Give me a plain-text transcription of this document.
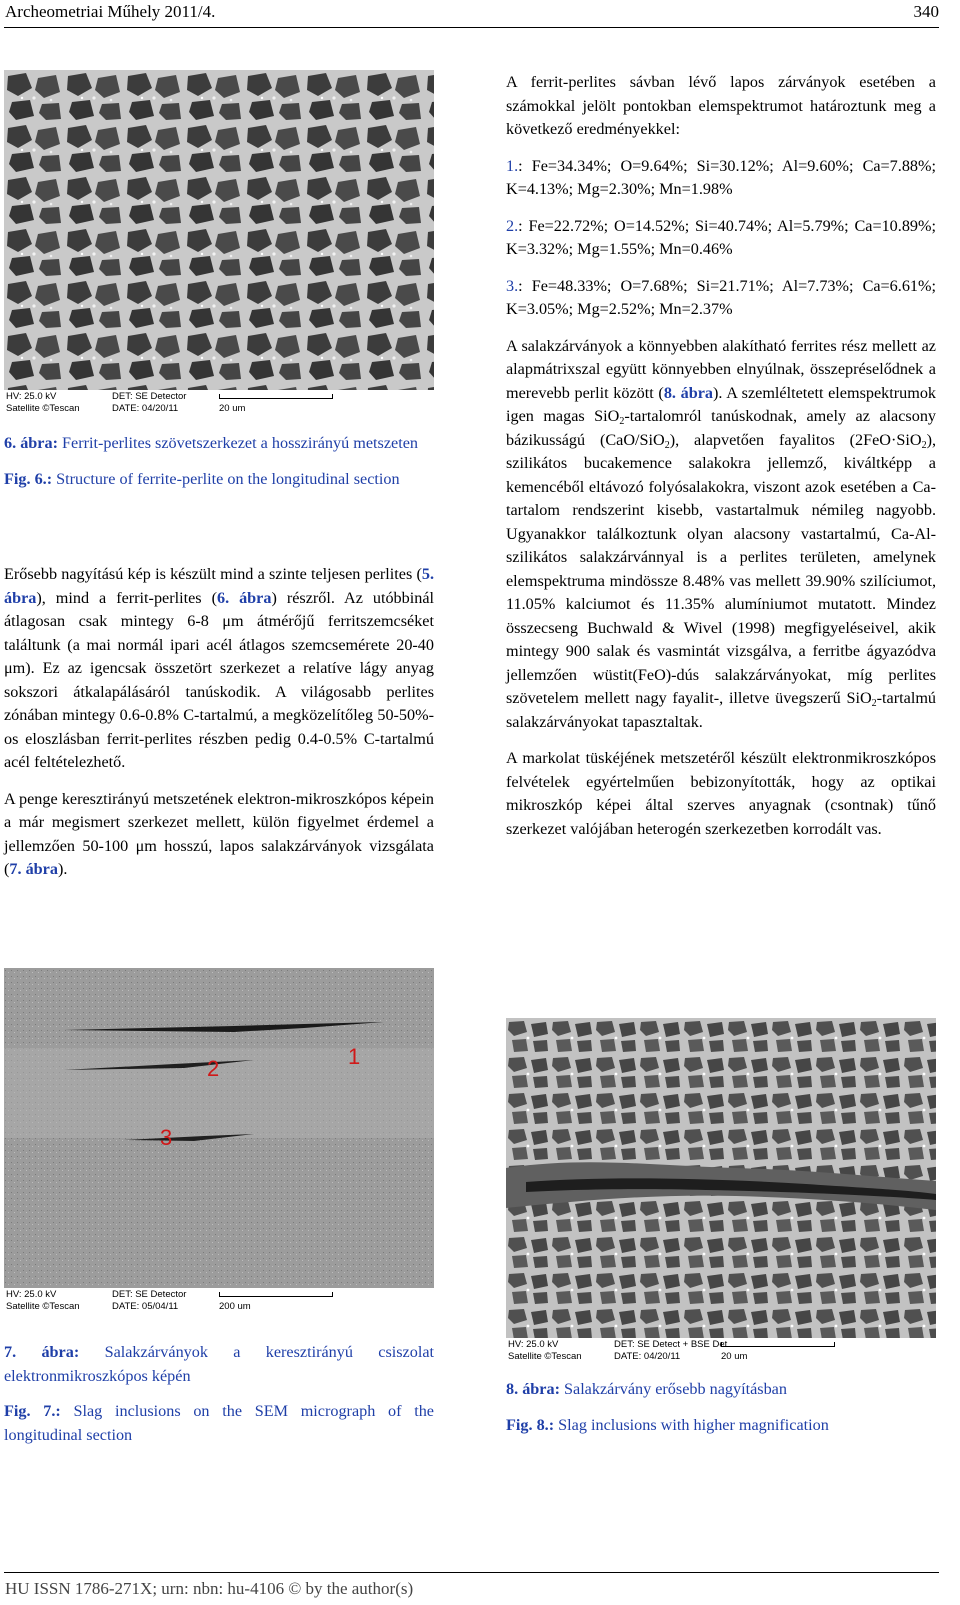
Archeometriai Műhely 2011/4.	340
HV: 25.0 kV
Satellite ©Tescan
DET: SE Detector
DATE: 04/20/11	20 um

6. ábra: Ferrit-perlites szövetszerkezet a hosszirányú metszeten

Fig. 6.: Structure of ferrite-perlite on the longitudinal section

Erősebb nagyítású kép is készült mind a szinte teljesen perlites (5. ábra), mind a ferrit-perlites (6. ábra) részről. Az utóbbinál átlagosan csak mintegy 6-8 μm átmérőjű ferritszemcséket találtunk (a mai normál ipari acél átlagos szemcsemérete 20-40 μm). Ez az igencsak összetört szerkezet a relatíve lágy anyag sokszori átkalapálásáról tanúskodik. A világosabb perlites zónában mintegy 0.6-0.8% C-tartalmú, a megközelítőleg 50-50%-os eloszlásban ferrit-perlites részben pedig 0.4-0.5% C-tartalmú acél feltételezhető.

A penge keresztirányú metszetének elektron-mikroszkópos képein a már megismert szerkezet mellett, külön figyelmet érdemel a jellemzően 50-100 μm hosszú, lapos salakzárványok vizsgálata (7. ábra).

A ferrit-perlites sávban lévő lapos zárványok esetében a számokkal jelölt pontokban elemspektrumot határoztunk meg a következő eredményekkel:

1.: Fe=34.34%; O=9.64%; Si=30.12%; Al=9.60%; Ca=7.88%; K=4.13%; Mg=2.30%; Mn=1.98%

2.: Fe=22.72%; O=14.52%; Si=40.74%; Al=5.79%; Ca=10.89%; K=3.32%; Mg=1.55%; Mn=0.46%

3.: Fe=48.33%; O=7.68%; Si=21.71%; Al=7.73%; Ca=6.61%; K=3.05%; Mg=2.52%; Mn=2.37%

A salakzárványok a könnyebben alakítható ferrites rész mellett az alapmátrixszal együtt könnyebben elnyúlnak, összepréselődnek a merevebb perlit között (8. ábra). A szemléltetett elemspektrumok igen magas SiO$_2$-tartalomról tanúskodnak, amely az alacsony bázikusságú (CaO/SiO$_2$), alapvetően fayalitos (2FeO·SiO$_2$), szilikátos bucakemence salakokra jellemző, kiváltképp a kemencéből eltávozó folyósalakokra, viszont azok esetében a Ca-tartalom rendszerint kisebb, vastartalmuk némileg nagyobb. Ugyanakkor találkoztunk olyan alacsony vastartalmú, Ca-Al-szilikátos salakzárvánnyal is a perlites területen, amelynek elemspektruma mindössze 8.48% vas mellett 39.90% szilíciumot, 11.05% kalciumot és 11.35% alumíniumot mutatott. Mindez összecseng Buchwald & Wivel (1998) megfigyeléseivel, akik mintegy 900 salak és vasmintát vizsgálva, a ferritbe ágyazódva jellemzően wüstit(FeO)-dús salakzárványokat, míg perlites szövetelem mellett nagy fayalit-, illetve üvegszerű SiO$_2$-tartalmú salakzárványokat tapasztaltak.

A markolat tüskéjének metszetéről készült elektronmikroszkópos felvételek egyértelműen bebizonyították, hogy az optikai mikroszkóp képei által szerves anyagnak (csontnak) tűnő szerkezet valójában heterogén szerkezetben korrodált vas.

1
2
3
HV: 25.0 kV
Satellite ©Tescan
DET: SE Detector
DATE: 05/04/11	200 um

7. ábra: Salakzárványok a keresztirányú csiszolat elektronmikroszkópos képén

Fig. 7.: Slag inclusions on the SEM micrograph of the longitudinal section

HV: 25.0 kV
Satellite ©Tescan
DET: SE Detect + BSE Det
DATE: 04/20/11	20 um

8. ábra: Salakzárvány erősebb nagyításban

Fig. 8.: Slag inclusions with higher magnification

HU ISSN 1786-271X; urn: nbn: hu-4106 © by the author(s)
